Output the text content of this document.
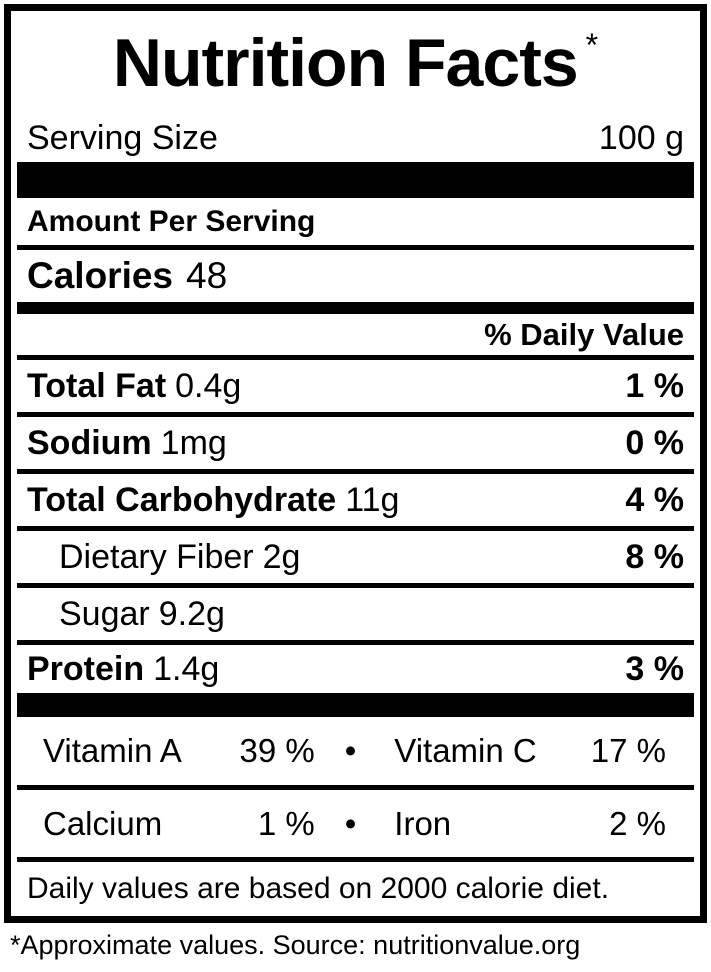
Nutrition Facts *
Serving Size	100 g
Amount Per Serving
Calories 48
% Daily Value
Total Fat 0.4g	1 %
Sodium 1mg	0 %
Total Carbohydrate 11g	4 %
Dietary Fiber 2g	8 %
Sugar 9.2g
Protein 1.4g	3 %
Vitamin A 39 % • Vitamin C 17 %
Calcium	1 % • Iron	2 %
Daily values are based on 2000 calorie diet.
*Approximate values. Source: nutritionvalue.org
